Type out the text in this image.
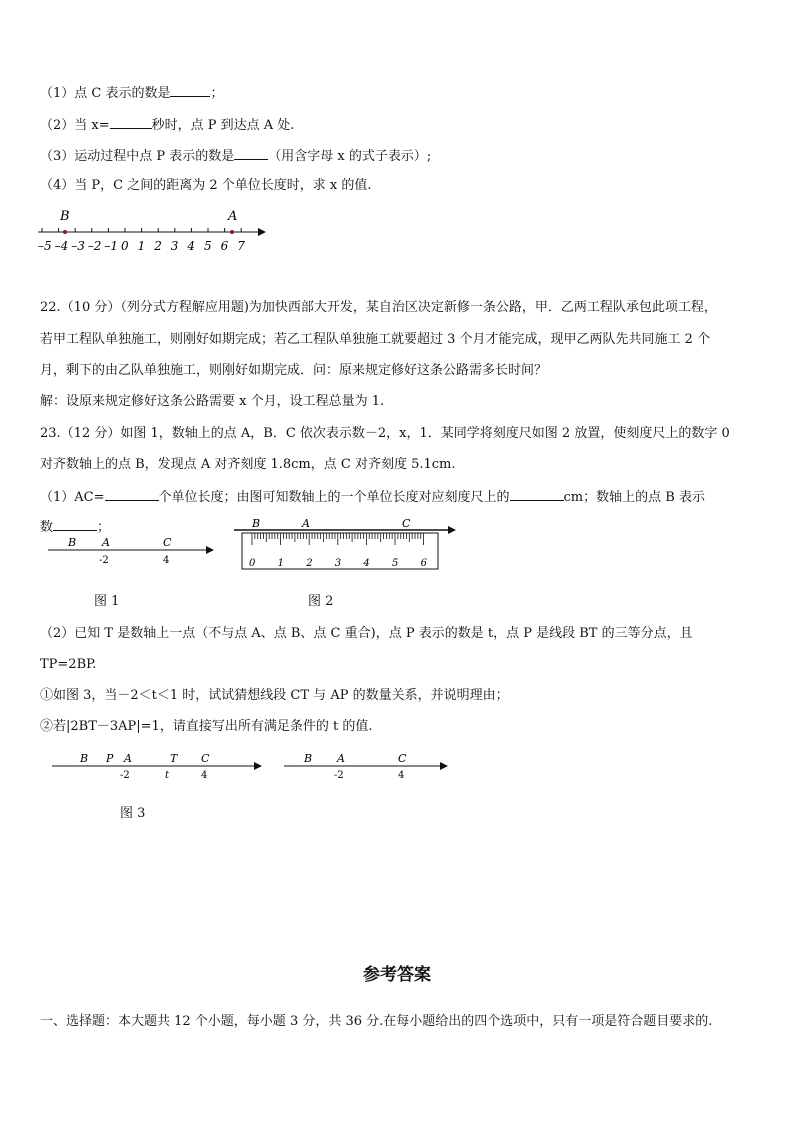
（1）点 C 表示的数是	；
（2）当 x=	秒时，点 P 到达点 A 处.
（3）运动过程中点 P 表示的数是	（用含字母 x 的式子表示）;
（4）当 P，C 之间的距离为 2 个单位长度时，求 x 的值.
–5 –4 –3 –2 –1 0 1 2 3 4 5 6 7
B	A
22.（10 分）（列分式方程解应用题)为加快西部大开发，某自治区决定新修一条公路，甲．乙两工程队承包此项工程，
若甲工程队单独施工，则刚好如期完成；若乙工程队单独施工就要超过 3 个月才能完成，现甲乙两队先共同施工 2 个
月，剩下的由乙队单独施工，则刚好如期完成．问：原来规定修好这条公路需多长时间？
解：设原来规定修好这条公路需要 x 个月，设工程总量为 1.
23.（12 分）如图 1，数轴上的点 A，B．C 依次表示数－2，x，1．某同学将刻度尺如图 2 放置，使刻度尺上的数字 0
对齐数轴上的点 B，发现点 A 对齐刻度 1.8cm，点 C 对齐刻度 5.1cm.
（1）AC=	个单位长度；由图可知数轴上的一个单位长度对应刻度尺上的	cm；数轴上的点 B 表示
数	；
B A	C
-2	4
图 1
B	A	C
0 1 2 3 4 5 6
图 2
（2）已知 T 是数轴上一点（不与点 A、点 B、点 C 重合)，点 P 表示的数是 t，点 P 是线段 BT 的三等分点，且
TP=2BP.
①如图 3，当－2＜t＜1 时，试试猜想线段 CT 与 AP 的数量关系，并说明理由；
②若|2BT－3AP|=1，请直接写出所有满足条件的 t 的值.
B P A	T C
-2	t	4
B A	C
-2	4
图 3
参考答案
一、选择题：本大题共 12 个小题，每小题 3 分，共 36 分.在每小题给出的四个选项中，只有一项是符合题目要求的.
